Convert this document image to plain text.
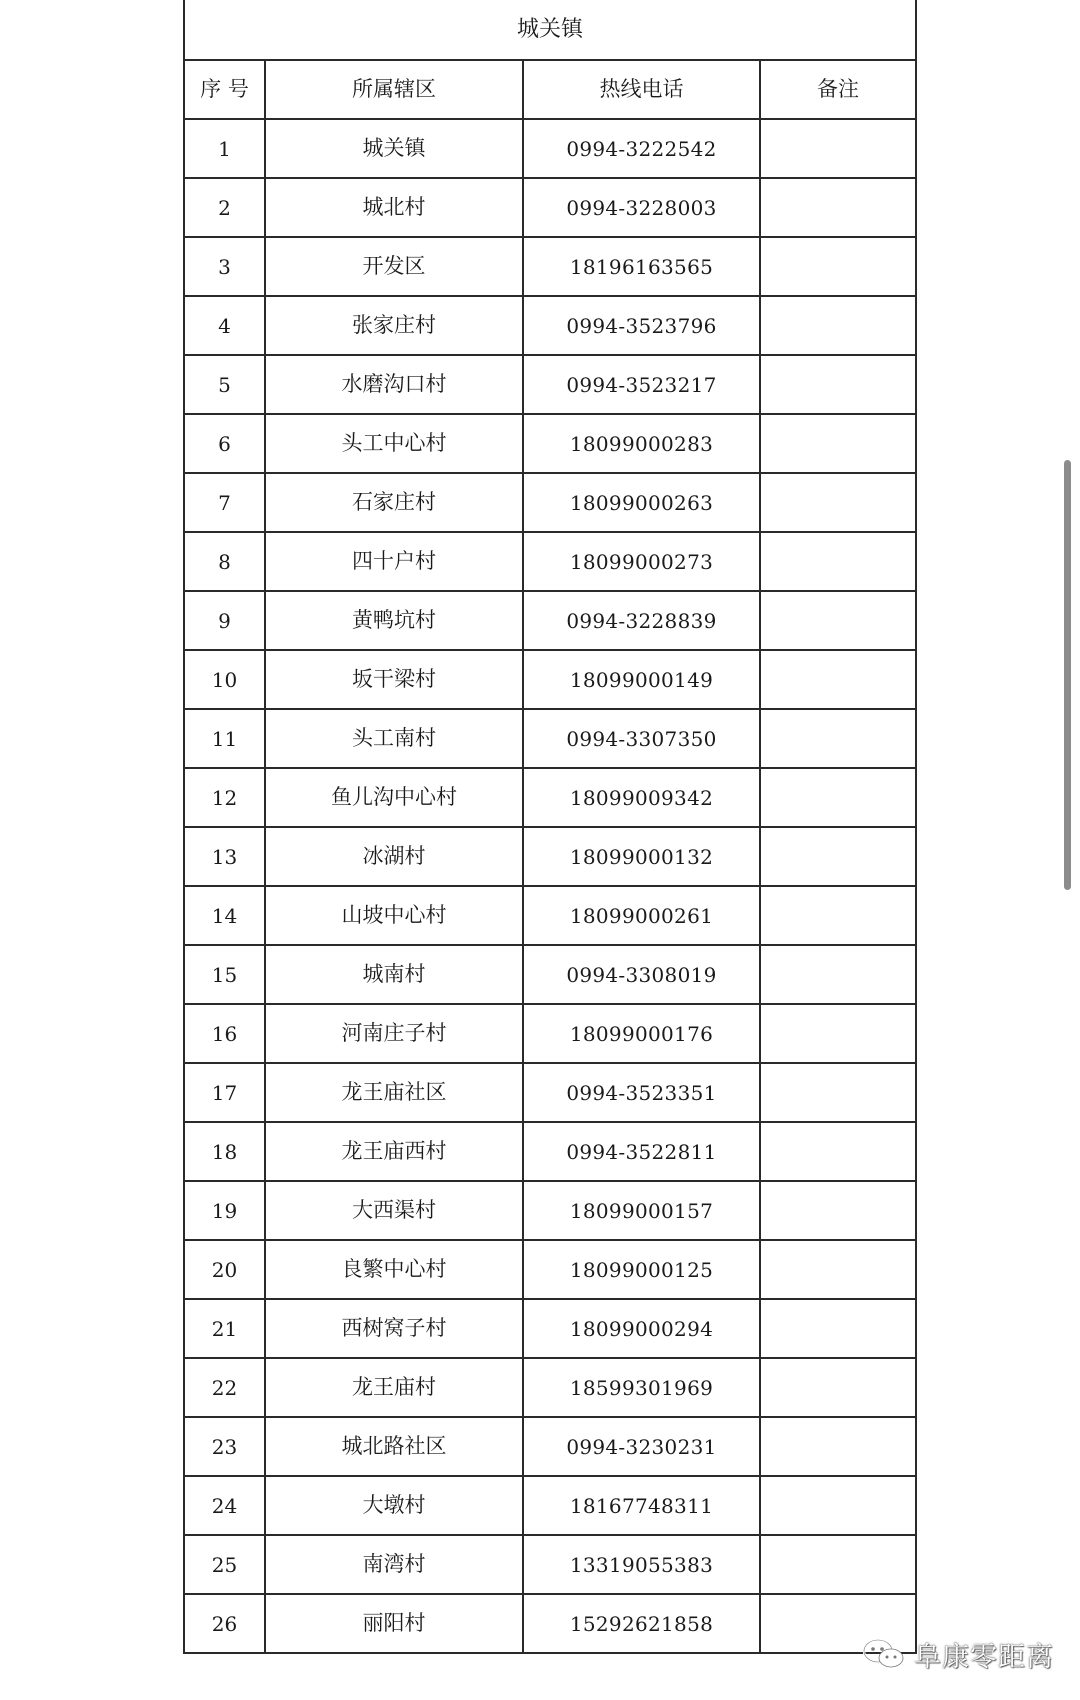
城关镇			
序 号	所属辖区	热线电话	备注
1	城关镇	0994-3222542	
2	城北村	0994-3228003	
3	开发区	18196163565	
4	张家庄村	0994-3523796	
5	水磨沟口村	0994-3523217	
6	头工中心村	18099000283	
7	石家庄村	18099000263	
8	四十户村	18099000273	
9	黄鸭坑村	0994-3228839	
10	坂干梁村	18099000149	
11	头工南村	0994-3307350	
12	鱼儿沟中心村	18099009342	
13	冰湖村	18099000132	
14	山坡中心村	18099000261	
15	城南村	0994-3308019	
16	河南庄子村	18099000176	
17	龙王庙社区	0994-3523351	
18	龙王庙西村	0994-3522811	
19	大西渠村	18099000157	
20	良繁中心村	18099000125	
21	西树窝子村	18099000294	
22	龙王庙村	18599301969	
23	城北路社区	0994-3230231	
24	大墩村	18167748311	
25	南湾村	13319055383	
26	丽阳村	15292621858	
阜康零距离
